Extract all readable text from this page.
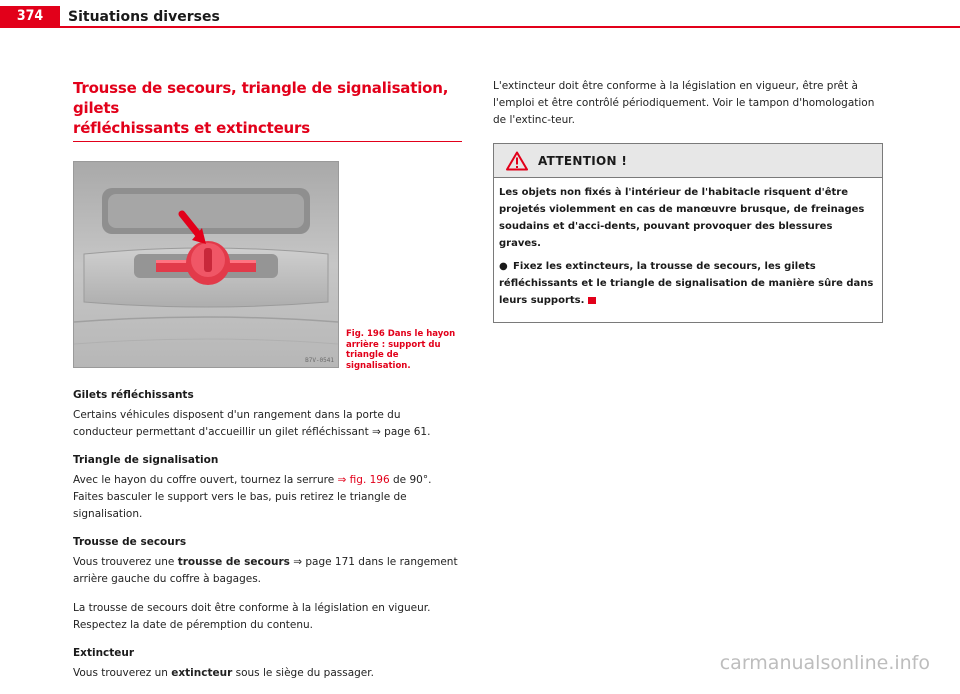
374	Situations diverses
Trousse de secours, triangle de signalisation, gilets
réfléchissants et extincteurs
B7V-0541
Fig. 196 Dans le hayon
arrière : support du
triangle de signalisation.

Gilets réfléchissants

Certains véhicules disposent d'un rangement dans la porte du conducteur permettant d'accueillir un gilet réfléchissant ⇒ page 61.

Triangle de signalisation

Avec le hayon du coffre ouvert, tournez la serrure ⇒ fig. 196 de 90°. Faites basculer le support vers le bas, puis retirez le triangle de signalisation.

Trousse de secours

Vous trouverez une trousse de secours ⇒ page 171 dans le rangement arrière gauche du coffre à bagages.

La trousse de secours doit être conforme à la législation en vigueur. Respectez la date de péremption du contenu.

Extincteur

Vous trouverez un extincteur sous le siège du passager.

L'extincteur doit être conforme à la législation en vigueur, être prêt à l'emploi et être contrôlé périodiquement. Voir le tampon d'homologation de l'extinc-teur.

ATTENTION !

Les objets non fixés à l'intérieur de l'habitacle risquent d'être projetés violemment en cas de manœuvre brusque, de freinages soudains et d'acci-dents, pouvant provoquer des blessures graves.

● Fixez les extincteurs, la trousse de secours, les gilets réfléchissants et le triangle de signalisation de manière sûre dans leurs supports.

carmanualsonline.info
